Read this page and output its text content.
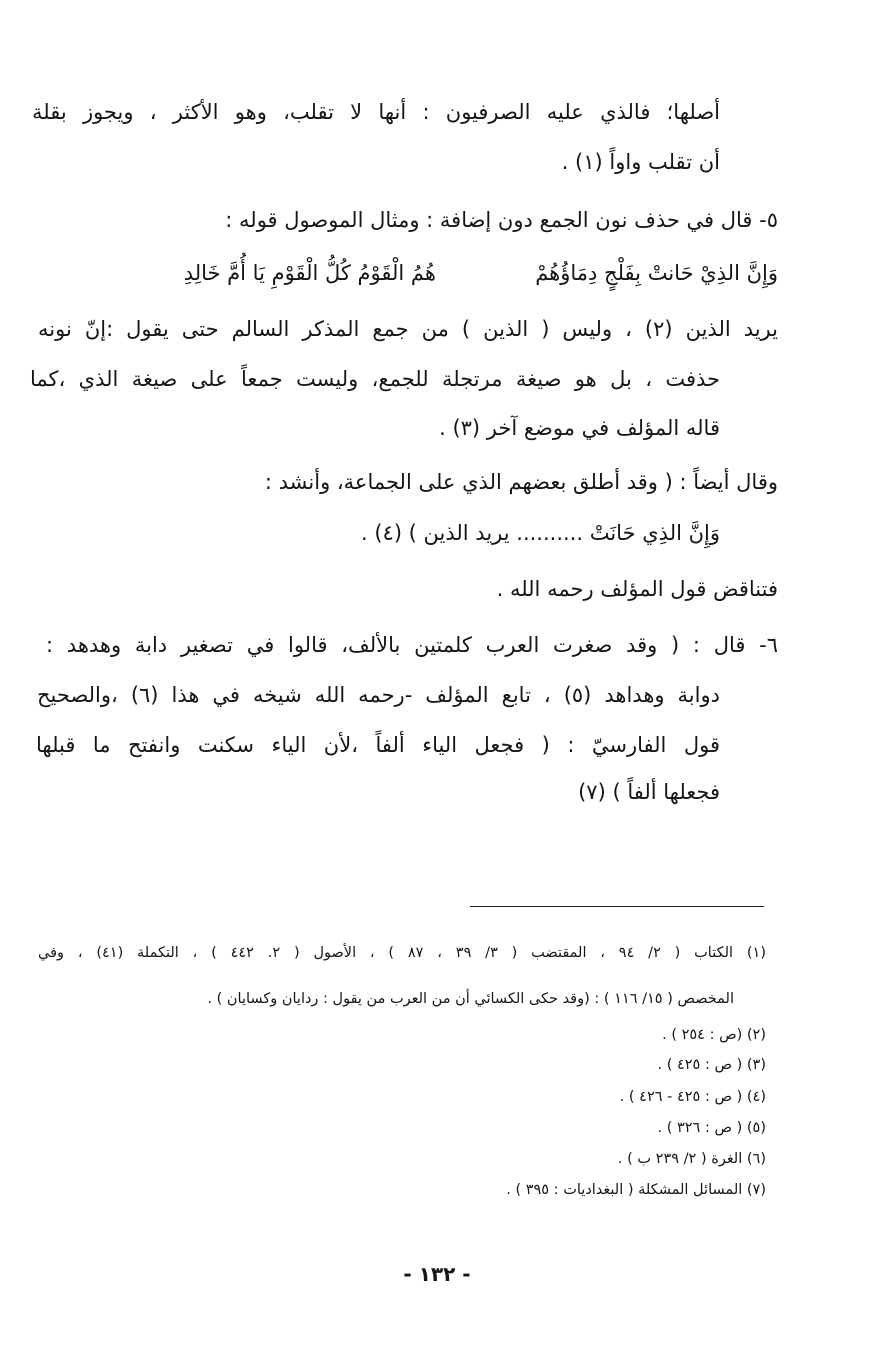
أصلها؛ فالذي عليه الصرفيون : أنها لا تقلب، وهو الأكثر ، ويجوز بقلة
أن تقلب واواً (١) .
٥- قال في حذف نون الجمع دون إضافة : ومثال الموصول قوله :
وَإِنَّ الذِيْ حَانتْ بِفَلْجٍ دِمَاؤُهُمْ
هُمُ الْقَوْمُ كُلُّ الْقَوْمِ يَا أُمَّ خَالِدِ
يريد الذين (٢) ، وليس ( الذين ) من جمع المذكر السالم حتى يقول :إنّ نونه
حذفت ، بل هو صيغة مرتجلة للجمع، وليست جمعاً على صيغة الذي ،كما
قاله المؤلف في موضع آخر (٣) .
وقال أيضاً : ( وقد أطلق بعضهم الذي على الجماعة، وأنشد :
وَإِنَّ الذِي حَانَتْ .......... يريد الذين ) (٤) .
فتناقض قول المؤلف رحمه الله .
٦- قال : ( وقد صغرت العرب كلمتين بالألف، قالوا في تصغير دابة وهدهد :
دوابة وهداهد (٥) ، تابع المؤلف -رحمه الله شيخه في هذا (٦) ،والصحيح
قول الفارسيّ : ( فجعل الياء ألفاً ،لأن الياء سكنت وانفتح ما قبلها
فجعلها ألفاً ) (٧)
(١) الكتاب ( ٢/ ٩٤ ، المقتضب ( ٣/ ٣٩ ، ٨٧ ) ، الأصول ( ٢. ٤٤٢ ) ، التكملة (٤١) ، وفي
المخصص ( ١٥/ ١١٦ ) : (وقد حكى الكسائي أن من العرب من يقول : ردايان وكسايان ) .
(٢) (ص : ٢٥٤ ) .
(٣) ( ص : ٤٢٥ ) .
(٤) ( ص : ٤٢٥ - ٤٢٦ ) .
(٥) ( ص : ٣٢٦ ) .
(٦) الغرة ( ٢/ ٢٣٩ ب ) .
(٧) المسائل المشكلة ( البغداديات : ٣٩٥ ) .
- ١٣٢ -
